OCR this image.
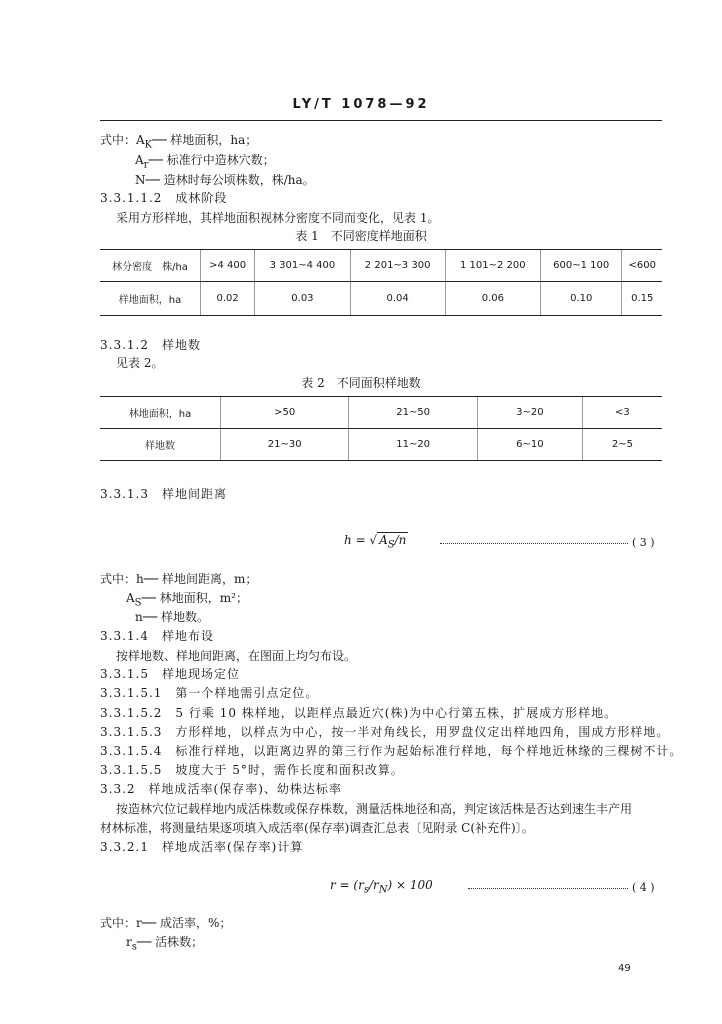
LY/T 1078—92
式中：$A_K──$ 样地面积，ha；
$A_r──$ 标准行中造林穴数；
N── 造林时每公顷株数，株/ha。
3.3.1.1.2　成林阶段
采用方形样地，其样地面积视林分密度不同而变化，见表 1。
表 1　不同密度样地面积
林分密度　株/ha	>4 400	3 301~4 400	2 201~3 300	1 101~2 200	600~1 100	<600
样地面积，ha	0.02	0.03	0.04	0.06	0.10	0.15
3.3.1.2　样地数
见表 2。
表 2　不同面积样地数
林地面积，ha	>50	21~50	3~20	<3
样地数	21~30	11~20	6~10	2~5
3.3.1.3　样地间距离
h = √ $A_S/n$	( 3 )
式中：h── 样地间距离，m；
$A_S──$ 林地面积，m²；
n── 样地数。
3.3.1.4　样地布设
按样地数、样地间距离，在图面上均匀布设。
3.3.1.5　样地现场定位
3.3.1.5.1　第一个样地需引点定位。
3.3.1.5.2　5 行乘 10 株样地，以距样点最近穴(株)为中心行第五株，扩展成方形样地。
3.3.1.5.3　方形样地，以样点为中心，按一半对角线长，用罗盘仪定出样地四角，围成方形样地。
3.3.1.5.4　标准行样地，以距离边界的第三行作为起始标准行样地，每个样地近林缘的三棵树不计。
3.3.1.5.5　坡度大于 5°时，需作长度和面积改算。
3.3.2　样地成活率(保存率)、幼株达标率
按造林穴位记载样地内成活株数或保存株数，测量活株地径和高，判定该活株是否达到速生丰产用
材林标准，将测量结果逐项填入成活率(保存率)调查汇总表〔见附录 C(补充件)〕。
3.3.2.1　样地成活率(保存率)计算
$r = (r_s/r_N) \times 100$	( 4 )
式中：r── 成活率，%；
$r_s──$ 活株数；
49
